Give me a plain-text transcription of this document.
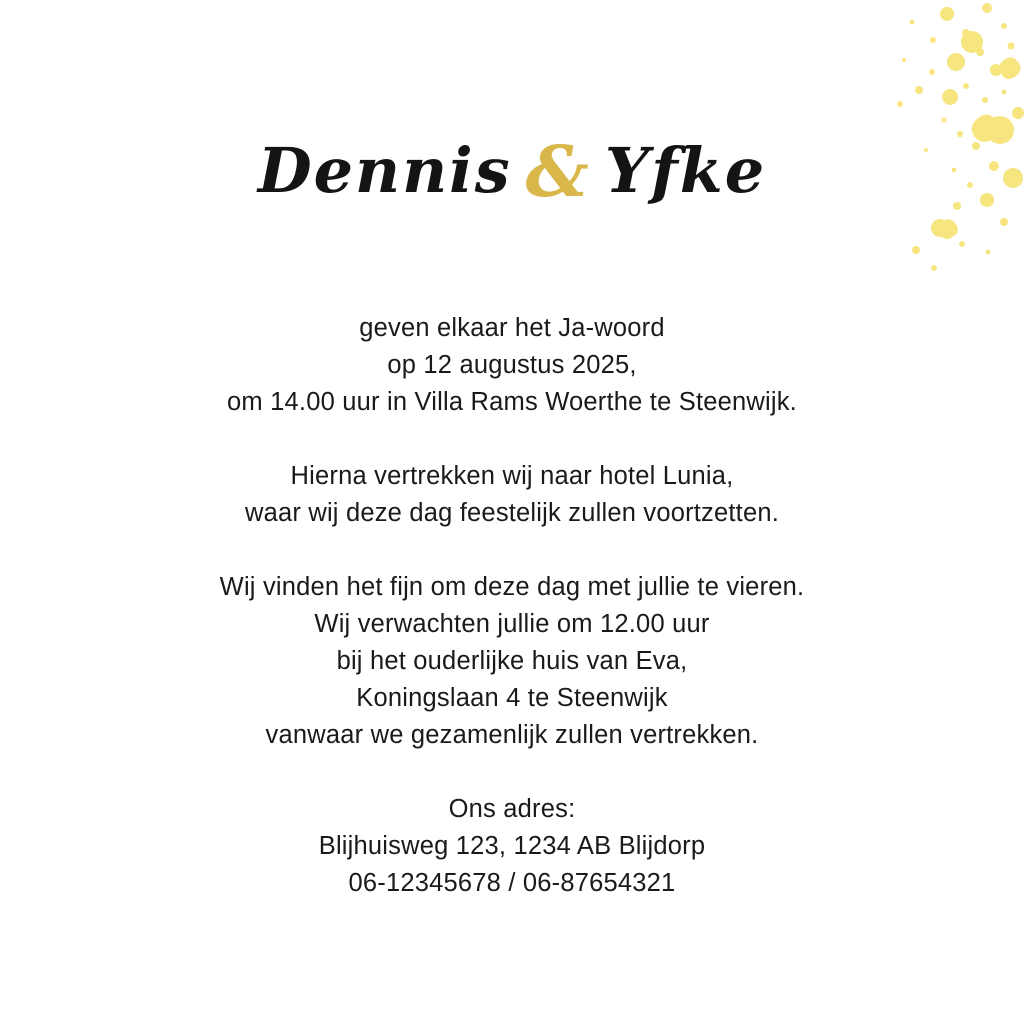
Dennis & Yfke

geven elkaar het Ja-woord
op 12 augustus 2025,
om 14.00 uur in Villa Rams Woerthe te Steenwijk.

Hierna vertrekken wij naar hotel Lunia,
waar wij deze dag feestelijk zullen voortzetten.

Wij vinden het fijn om deze dag met jullie te vieren.
Wij verwachten jullie om 12.00 uur
bij het ouderlijke huis van Eva,
Koningslaan 4 te Steenwijk
vanwaar we gezamenlijk zullen vertrekken.

Ons adres:
Blijhuisweg 123, 1234 AB Blijdorp
06-12345678 / 06-87654321
